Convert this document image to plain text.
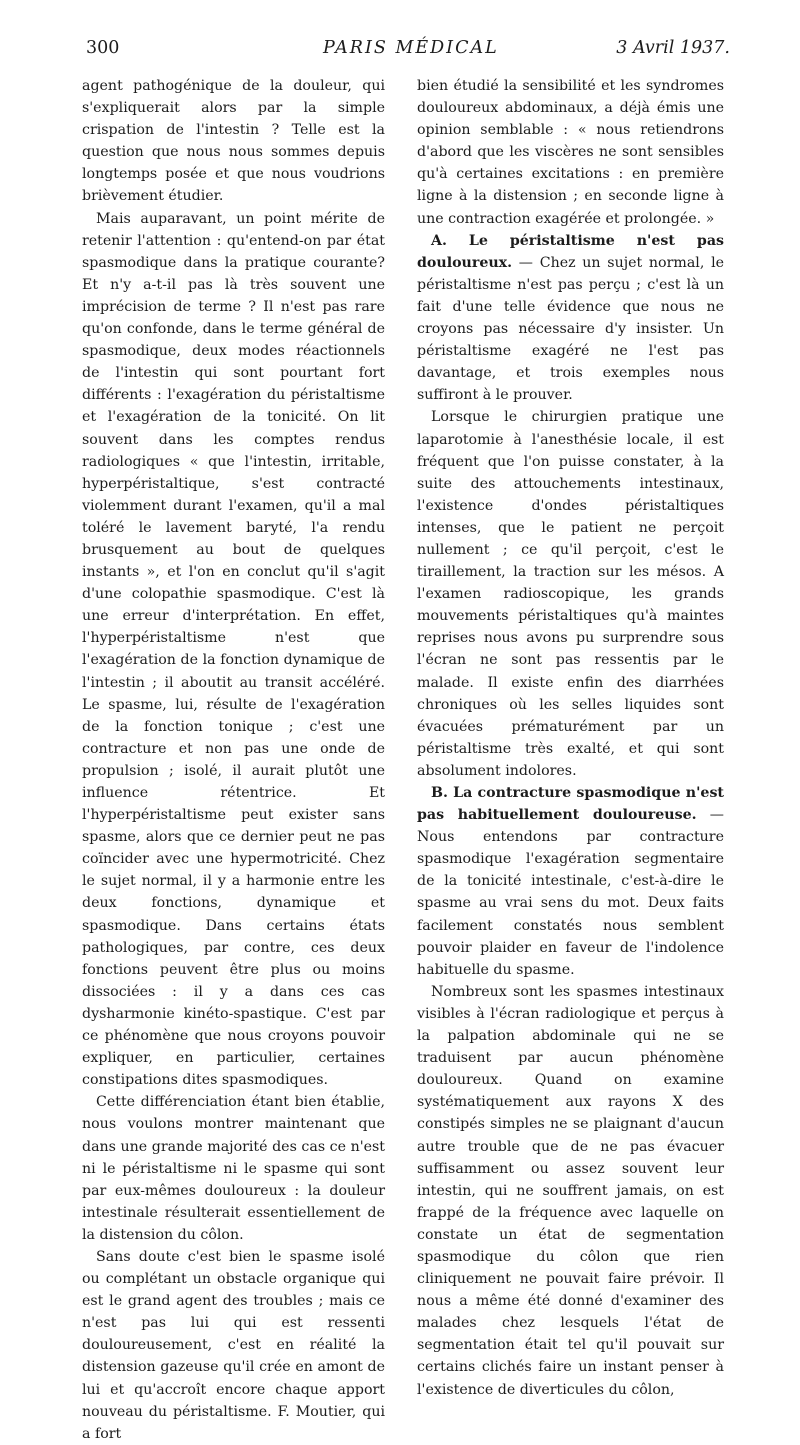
300	PARIS MÉDICAL	3 Avril 1937.

agent pathogénique de la douleur, qui s'expliquerait alors par la simple crispation de l'intestin ? Telle est la question que nous nous sommes depuis longtemps posée et que nous voudrions brièvement étudier.

Mais auparavant, un point mérite de retenir l'attention : qu'entend-on par état spasmodique dans la pratique courante? Et n'y a-t-il pas là très souvent une imprécision de terme ? Il n'est pas rare qu'on confonde, dans le terme général de spasmodique, deux modes réactionnels de l'intestin qui sont pourtant fort différents : l'exagération du péristaltisme et l'exagération de la tonicité. On lit souvent dans les comptes rendus radiologiques « que l'intestin, irritable, hyperpéristaltique, s'est contracté violemment durant l'examen, qu'il a mal toléré le lavement baryté, l'a rendu brusquement au bout de quelques instants », et l'on en conclut qu'il s'agit d'une colopathie spasmodique. C'est là une erreur d'interprétation. En effet, l'hyperpéristaltisme n'est que l'exagération de la fonction dynamique de l'intestin ; il aboutit au transit accéléré. Le spasme, lui, résulte de l'exagération de la fonction tonique ; c'est une contracture et non pas une onde de propulsion ; isolé, il aurait plutôt une influence rétentrice. Et l'hyperpéristaltisme peut exister sans spasme, alors que ce dernier peut ne pas coïncider avec une hypermotricité. Chez le sujet normal, il y a harmonie entre les deux fonctions, dynamique et spasmodique. Dans certains états pathologiques, par contre, ces deux fonctions peuvent être plus ou moins dissociées : il y a dans ces cas dysharmonie kinéto-spastique. C'est par ce phénomène que nous croyons pouvoir expliquer, en particulier, certaines constipations dites spasmodiques.

Cette différenciation étant bien établie, nous voulons montrer maintenant que dans une grande majorité des cas ce n'est ni le péristaltisme ni le spasme qui sont par eux-mêmes douloureux : la douleur intestinale résulterait essentiellement de la distension du côlon.

Sans doute c'est bien le spasme isolé ou complétant un obstacle organique qui est le grand agent des troubles ; mais ce n'est pas lui qui est ressenti douloureusement, c'est en réalité la distension gazeuse qu'il crée en amont de lui et qu'accroît encore chaque apport nouveau du péristaltisme. F. Moutier, qui a fort

bien étudié la sensibilité et les syndromes douloureux abdominaux, a déjà émis une opinion semblable : « nous retiendrons d'abord que les viscères ne sont sensibles qu'à certaines excitations : en première ligne à la distension ; en seconde ligne à une contraction exagérée et prolongée. »

A. Le péristaltisme n'est pas douloureux. — Chez un sujet normal, le péristaltisme n'est pas perçu ; c'est là un fait d'une telle évidence que nous ne croyons pas nécessaire d'y insister. Un péristaltisme exagéré ne l'est pas davantage, et trois exemples nous suffiront à le prouver.

Lorsque le chirurgien pratique une laparotomie à l'anesthésie locale, il est fréquent que l'on puisse constater, à la suite des attouchements intestinaux, l'existence d'ondes péristaltiques intenses, que le patient ne perçoit nullement ; ce qu'il perçoit, c'est le tiraillement, la traction sur les mésos. A l'examen radioscopique, les grands mouvements péristaltiques qu'à maintes reprises nous avons pu surprendre sous l'écran ne sont pas ressentis par le malade. Il existe enfin des diarrhées chroniques où les selles liquides sont évacuées prématurément par un péristaltisme très exalté, et qui sont absolument indolores.

B. La contracture spasmodique n'est pas habituellement douloureuse. — Nous entendons par contracture spasmodique l'exagération segmentaire de la tonicité intestinale, c'est-à-dire le spasme au vrai sens du mot. Deux faits facilement constatés nous semblent pouvoir plaider en faveur de l'indolence habituelle du spasme.

Nombreux sont les spasmes intestinaux visibles à l'écran radiologique et perçus à la palpation abdominale qui ne se traduisent par aucun phénomène douloureux. Quand on examine systématiquement aux rayons X des constipés simples ne se plaignant d'aucun autre trouble que de ne pas évacuer suffisamment ou assez souvent leur intestin, qui ne souffrent jamais, on est frappé de la fréquence avec laquelle on constate un état de segmentation spasmodique du côlon que rien cliniquement ne pouvait faire prévoir. Il nous a même été donné d'examiner des malades chez lesquels l'état de segmentation était tel qu'il pouvait sur certains clichés faire un instant penser à l'existence de diverticules du côlon,
